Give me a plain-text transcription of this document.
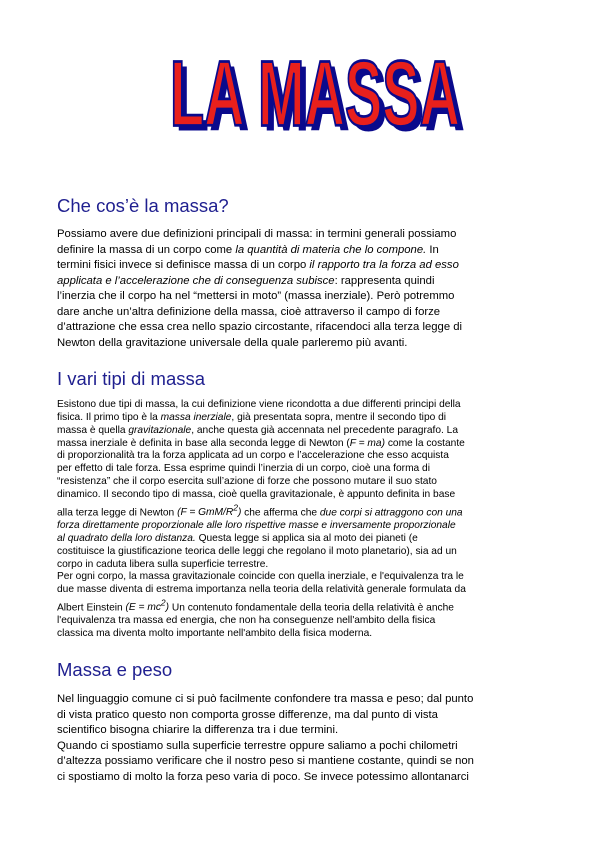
LA MASSA
LA MASSA
Che cos’è la massa?
Possiamo avere due definizioni principali di massa: in termini generali possiamo
definire la massa di un corpo come la quantità di materia che lo compone. In
termini fisici invece si definisce massa di un corpo il rapporto tra la forza ad esso
applicata e l’accelerazione che di conseguenza subisce: rappresenta quindi
l’inerzia che il corpo ha nel “mettersi in moto” (massa inerziale). Però potremmo
dare anche un’altra definizione della massa, cioè attraverso il campo di forze
d’attrazione che essa crea nello spazio circostante, rifacendoci alla terza legge di
Newton della gravitazione universale della quale parleremo più avanti.
I vari tipi di massa
Esistono due tipi di massa, la cui definizione viene ricondotta a due differenti principi della
fisica. Il primo tipo è la massa inerziale, già presentata sopra, mentre il secondo tipo di
massa è quella gravitazionale, anche questa già accennata nel precedente paragrafo. La
massa inerziale è definita in base alla seconda legge di Newton (F = ma) come la costante
di proporzionalità tra la forza applicata ad un corpo e l’accelerazione che esso acquista
per effetto di tale forza. Essa esprime quindi l’inerzia di un corpo, cioè una forma di
“resistenza” che il corpo esercita sull’azione di forze che possono mutare il suo stato
dinamico. Il secondo tipo di massa, cioè quella gravitazionale, è appunto definita in base
alla terza legge di Newton (F = GmM/$R^2$) che afferma che due corpi si attraggono con una
forza direttamente proporzionale alle loro rispettive masse e inversamente proporzionale
al quadrato della loro distanza. Questa legge si applica sia al moto dei pianeti (e
costituisce la giustificazione teorica delle leggi che regolano il moto planetario), sia ad un
corpo in caduta libera sulla superficie terrestre.
Per ogni corpo, la massa gravitazionale coincide con quella inerziale, e l'equivalenza tra le
due masse diventa di estrema importanza nella teoria della relatività generale formulata da
Albert Einstein $(E = mc^2)$ Un contenuto fondamentale della teoria della relatività è anche
l'equivalenza tra massa ed energia, che non ha conseguenze nell'ambito della fisica
classica ma diventa molto importante nell'ambito della fisica moderna.
Massa e peso
Nel linguaggio comune ci si può facilmente confondere tra massa e peso; dal punto
di vista pratico questo non comporta grosse differenze, ma dal punto di vista
scientifico bisogna chiarire la differenza tra i due termini.
Quando ci spostiamo sulla superficie terrestre oppure saliamo a pochi chilometri
d’altezza possiamo verificare che il nostro peso si mantiene costante, quindi se non
ci spostiamo di molto la forza peso varia di poco. Se invece potessimo allontanarci
